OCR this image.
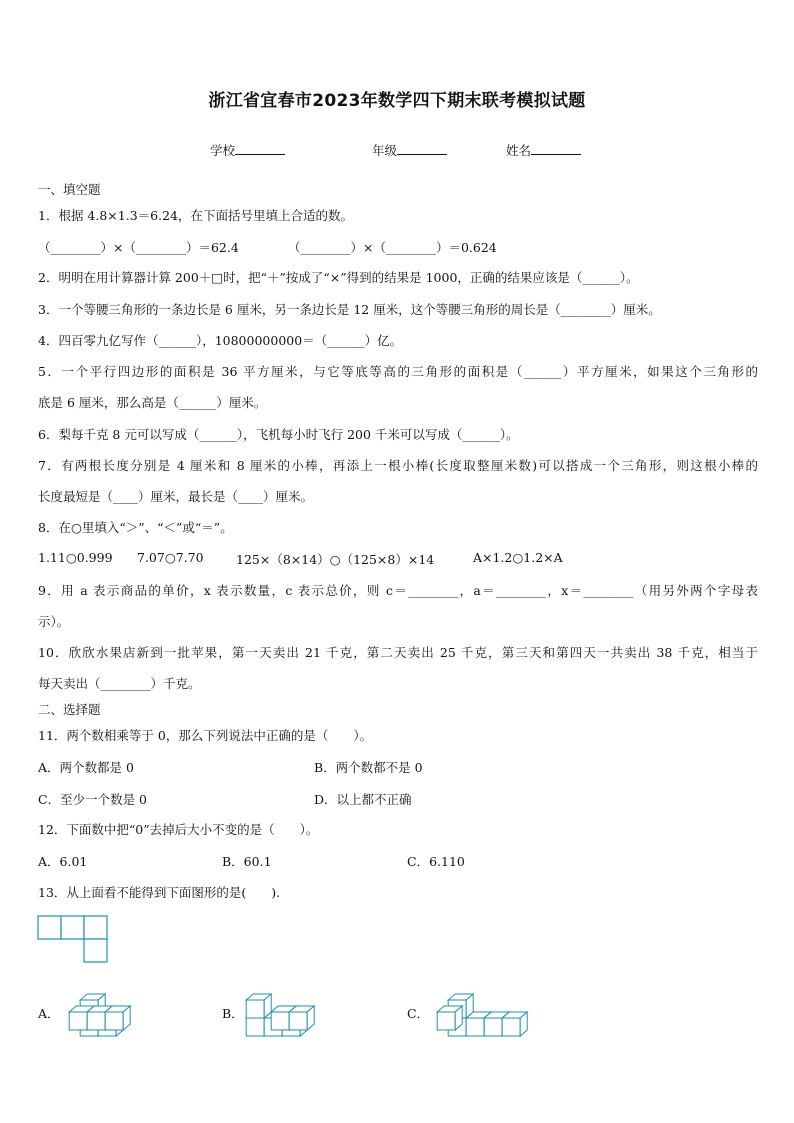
浙江省宜春市2023年数学四下期末联考模拟试题
学校	年级	姓名
一、填空题
1．根据 4.8×1.3＝6.24，在下面括号里填上合适的数。
（________）×（________）＝62.4	（________）×（________）＝0.624
2．明明在用计算器计算 200＋□时，把“＋”按成了“×”得到的结果是 1000，正确的结果应该是（______）。
3．一个等腰三角形的一条边长是 6 厘米，另一条边长是 12 厘米，这个等腰三角形的周长是（________）厘米。
4．四百零九亿写作（______），10800000000＝（______）亿。
5．一个平行四边形的面积是 36 平方厘米，与它等底等高的三角形的面积是（______）平方厘米，如果这个三角形的
底是 6 厘米，那么高是（______）厘米。
6．梨每千克 8 元可以写成（______），飞机每小时飞行 200 千米可以写成（______）。
7．有两根长度分别是 4 厘米和 8 厘米的小棒，再添上一根小棒(长度取整厘米数)可以搭成一个三角形，则这根小棒的
长度最短是（____）厘米，最长是（____）厘米。
8．在○里填入“＞”、“＜”或“＝”。
1.11○0.999 7.07○7.70	125×（8×14）○（125×8）×14	A×1.2○1.2×A
9．用 a 表示商品的单价，x 表示数量，c 表示总价，则 c＝________，a＝________，x＝________（用另外两个字母表
示）。
10．欣欣水果店新到一批苹果，第一天卖出 21 千克，第二天卖出 25 千克，第三天和第四天一共卖出 38 千克，相当于
每天卖出（________）千克。
二、选择题
11．两个数相乘等于 0，那么下列说法中正确的是（　　）。
A．两个数都是 0	B．两个数都不是 0
C．至少一个数是 0	D．以上都不正确
12．下面数中把“0”去掉后大小不变的是（　　）。
A．6.01	B．60.1	C．6.110
13．从上面看不能得到下面图形的是(　　).
A．	B．	C．
